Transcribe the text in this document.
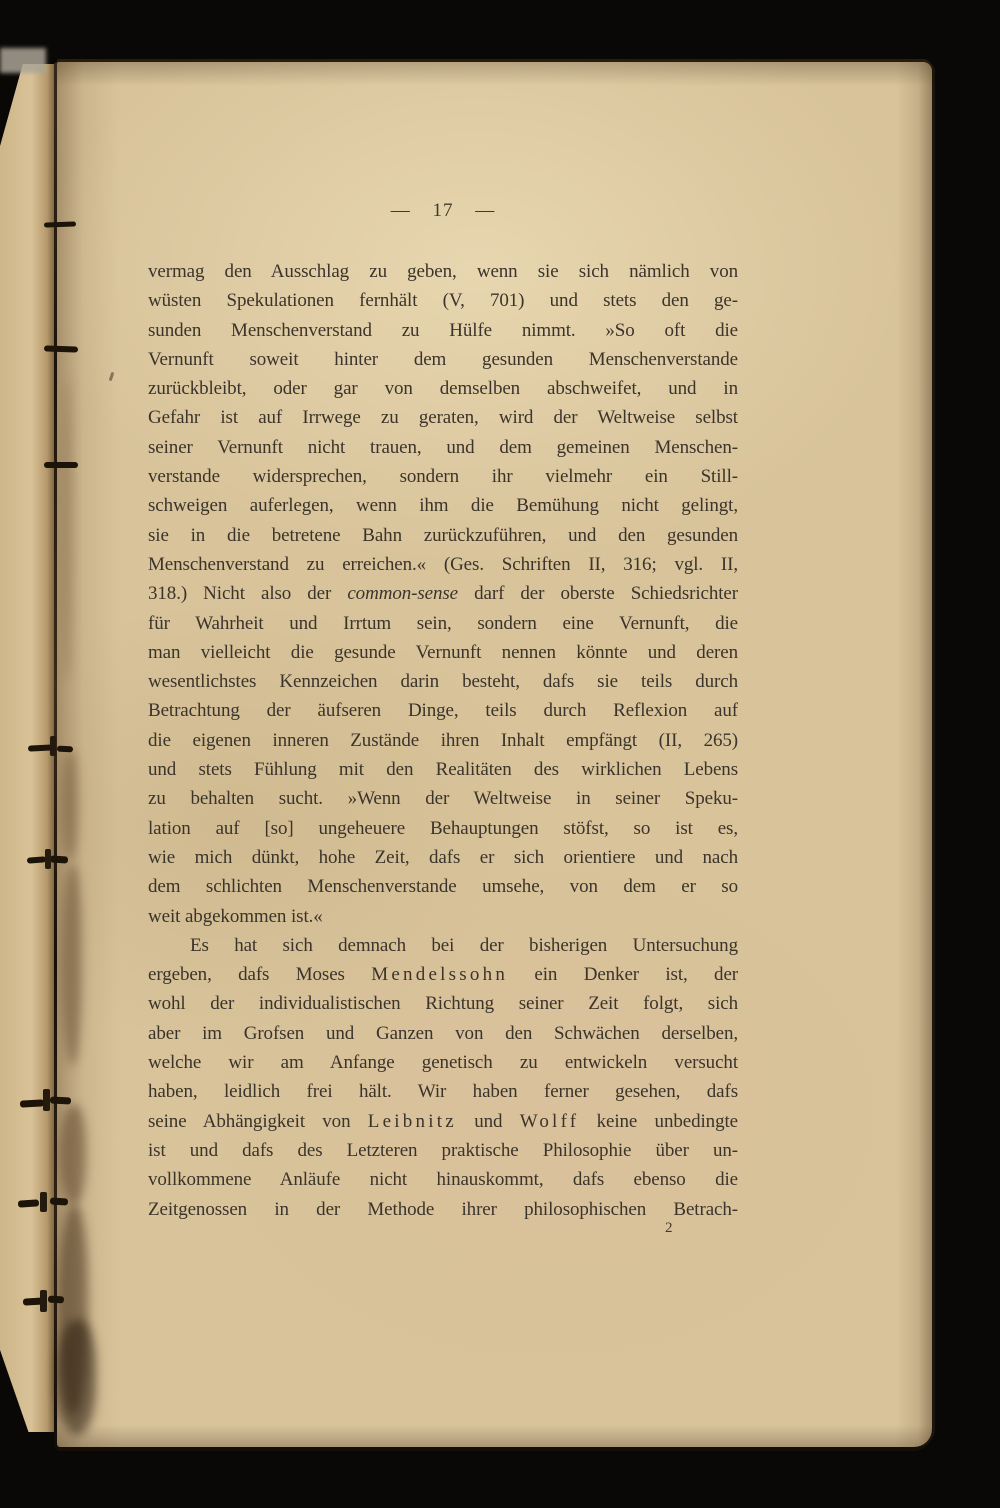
— 17 —
vermag den Ausschlag zu geben, wenn sie sich nämlich von
wüsten Spekulationen fernhält (V, 701) und stets den ge-
sunden Menschenverstand zu Hülfe nimmt. »So oft die
Vernunft soweit hinter dem gesunden Menschenverstande
zurückbleibt, oder gar von demselben abschweifet, und in
Gefahr ist auf Irrwege zu geraten, wird der Weltweise selbst
seiner Vernunft nicht trauen, und dem gemeinen Menschen-
verstande widersprechen, sondern ihr vielmehr ein Still-
schweigen auferlegen, wenn ihm die Bemühung nicht gelingt,
sie in die betretene Bahn zurückzuführen, und den gesunden
Menschenverstand zu erreichen.« (Ges. Schriften II, 316; vgl. II,
318.) Nicht also der common-sense darf der oberste Schiedsrichter
für Wahrheit und Irrtum sein, sondern eine Vernunft, die
man vielleicht die gesunde Vernunft nennen könnte und deren
wesentlichstes Kennzeichen darin besteht, dafs sie teils durch
Betrachtung der äufseren Dinge, teils durch Reflexion auf
die eigenen inneren Zustände ihren Inhalt empfängt (II, 265)
und stets Fühlung mit den Realitäten des wirklichen Lebens
zu behalten sucht. »Wenn der Weltweise in seiner Speku-
lation auf [so] ungeheuere Behauptungen stöfst, so ist es,
wie mich dünkt, hohe Zeit, dafs er sich orientiere und nach
dem schlichten Menschenverstande umsehe, von dem er so
weit abgekommen ist.«
Es hat sich demnach bei der bisherigen Untersuchung
ergeben, dafs Moses Mendelssohn ein Denker ist, der
wohl der individualistischen Richtung seiner Zeit folgt, sich
aber im Grofsen und Ganzen von den Schwächen derselben,
welche wir am Anfange genetisch zu entwickeln versucht
haben, leidlich frei hält. Wir haben ferner gesehen, dafs
seine Abhängigkeit von Leibnitz und Wolff keine unbedingte
ist und dafs des Letzteren praktische Philosophie über un-
vollkommene Anläufe nicht hinauskommt, dafs ebenso die
Zeitgenossen in der Methode ihrer philosophischen Betrach-
2
